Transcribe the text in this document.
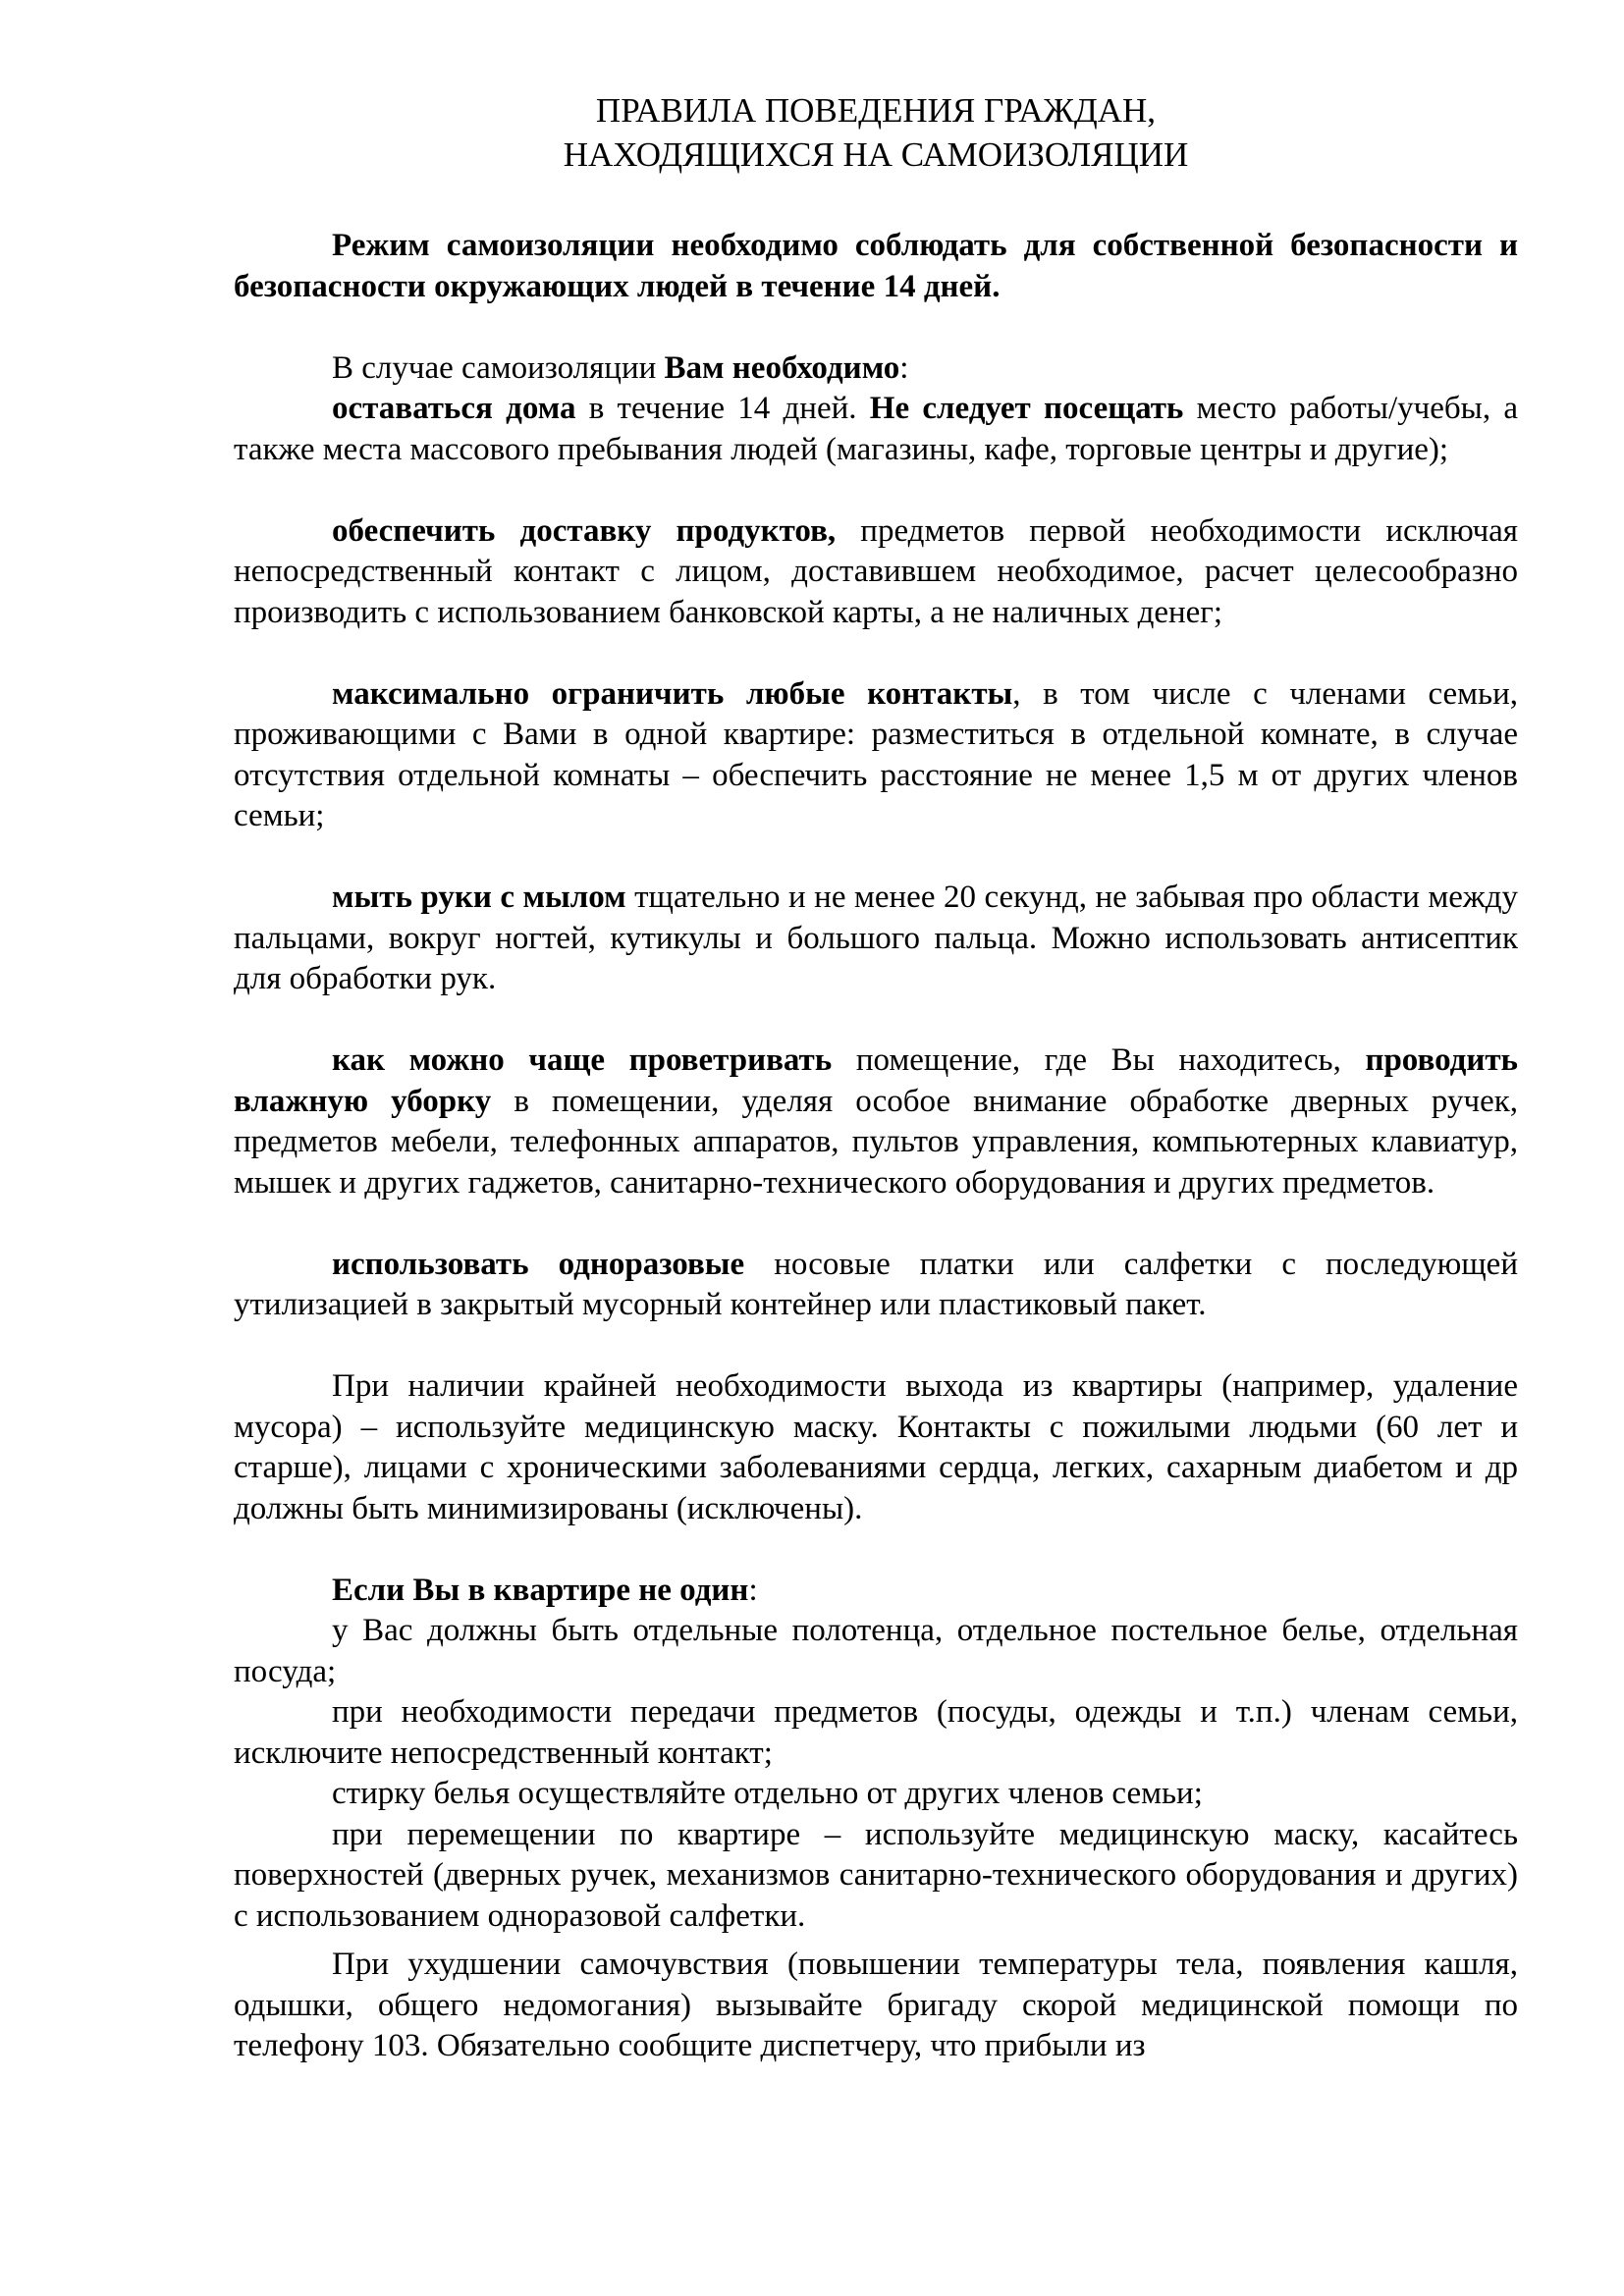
ПРАВИЛА ПОВЕДЕНИЯ ГРАЖДАН,
НАХОДЯЩИХСЯ НА САМОИЗОЛЯЦИИ

Режим самоизоляции необходимо соблюдать для собственной безопасности и безопасности окружающих людей в течение 14 дней.

В случае самоизоляции Вам необходимо:

оставаться дома в течение 14 дней. Не следует посещать место работы/учебы, а также места массового пребывания людей (магазины, кафе, торговые центры и другие);

обеспечить доставку продуктов, предметов первой необходимости исключая непосредственный контакт с лицом, доставившем необходимое, расчет целесообразно производить с использованием банковской карты, а не наличных денег;

максимально ограничить любые контакты, в том числе с членами семьи, проживающими с Вами в одной квартире: разместиться в отдельной комнате, в случае отсутствия отдельной комнаты – обеспечить расстояние не менее 1,5 м от других членов семьи;

мыть руки с мылом тщательно и не менее 20 секунд, не забывая про области между пальцами, вокруг ногтей, кутикулы и большого пальца. Можно использовать антисептик для обработки рук.

как можно чаще проветривать помещение, где Вы находитесь, проводить влажную уборку в помещении, уделяя особое внимание обработке дверных ручек, предметов мебели, телефонных аппаратов, пультов управления, компьютерных клавиатур, мышек и других гаджетов, санитарно-технического оборудования и других предметов.

использовать одноразовые носовые платки или салфетки с последующей утилизацией в закрытый мусорный контейнер или пластиковый пакет.

При наличии крайней необходимости выхода из квартиры (например, удаление мусора) – используйте медицинскую маску. Контакты с пожилыми людьми (60 лет и старше), лицами с хроническими заболеваниями сердца, легких, сахарным диабетом и др должны быть минимизированы (исключены).

Если Вы в квартире не один:

у Вас должны быть отдельные полотенца, отдельное постельное белье, отдельная посуда;

при необходимости передачи предметов (посуды, одежды и т.п.) членам семьи, исключите непосредственный контакт;

стирку белья осуществляйте отдельно от других членов семьи;

при перемещении по квартире – используйте медицинскую маску, касайтесь поверхностей (дверных ручек, механизмов санитарно-технического оборудования и других) с использованием одноразовой салфетки.

При ухудшении самочувствия (повышении температуры тела, появления кашля, одышки, общего недомогания) вызывайте бригаду скорой медицинской помощи по телефону 103. Обязательно сообщите диспетчеру, что прибыли из
